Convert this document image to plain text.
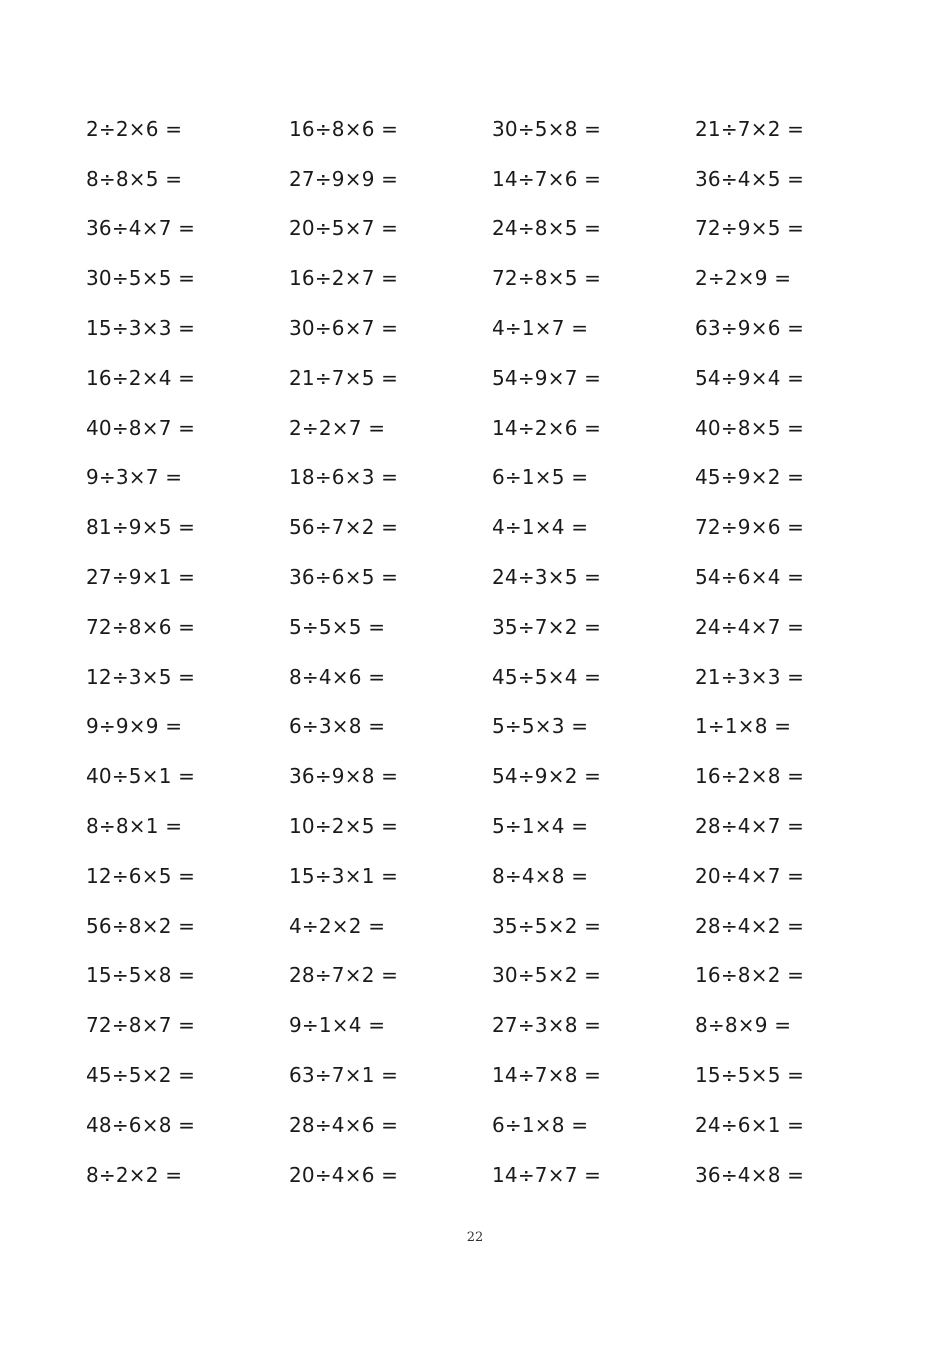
2÷2×6 =	16÷8×6 =	30÷5×8 =	21÷7×2 =
8÷8×5 =	27÷9×9 =	14÷7×6 =	36÷4×5 =
36÷4×7 =	20÷5×7 =	24÷8×5 =	72÷9×5 =
30÷5×5 =	16÷2×7 =	72÷8×5 =	2÷2×9 =
15÷3×3 =	30÷6×7 =	4÷1×7 =	63÷9×6 =
16÷2×4 =	21÷7×5 =	54÷9×7 =	54÷9×4 =
40÷8×7 =	2÷2×7 =	14÷2×6 =	40÷8×5 =
9÷3×7 =	18÷6×3 =	6÷1×5 =	45÷9×2 =
81÷9×5 =	56÷7×2 =	4÷1×4 =	72÷9×6 =
27÷9×1 =	36÷6×5 =	24÷3×5 =	54÷6×4 =
72÷8×6 =	5÷5×5 =	35÷7×2 =	24÷4×7 =
12÷3×5 =	8÷4×6 =	45÷5×4 =	21÷3×3 =
9÷9×9 =	6÷3×8 =	5÷5×3 =	1÷1×8 =
40÷5×1 =	36÷9×8 =	54÷9×2 =	16÷2×8 =
8÷8×1 =	10÷2×5 =	5÷1×4 =	28÷4×7 =
12÷6×5 =	15÷3×1 =	8÷4×8 =	20÷4×7 =
56÷8×2 =	4÷2×2 =	35÷5×2 =	28÷4×2 =
15÷5×8 =	28÷7×2 =	30÷5×2 =	16÷8×2 =
72÷8×7 =	9÷1×4 =	27÷3×8 =	8÷8×9 =
45÷5×2 =	63÷7×1 =	14÷7×8 =	15÷5×5 =
48÷6×8 =	28÷4×6 =	6÷1×8 =	24÷6×1 =
8÷2×2 =	20÷4×6 =	14÷7×7 =	36÷4×8 =
22
